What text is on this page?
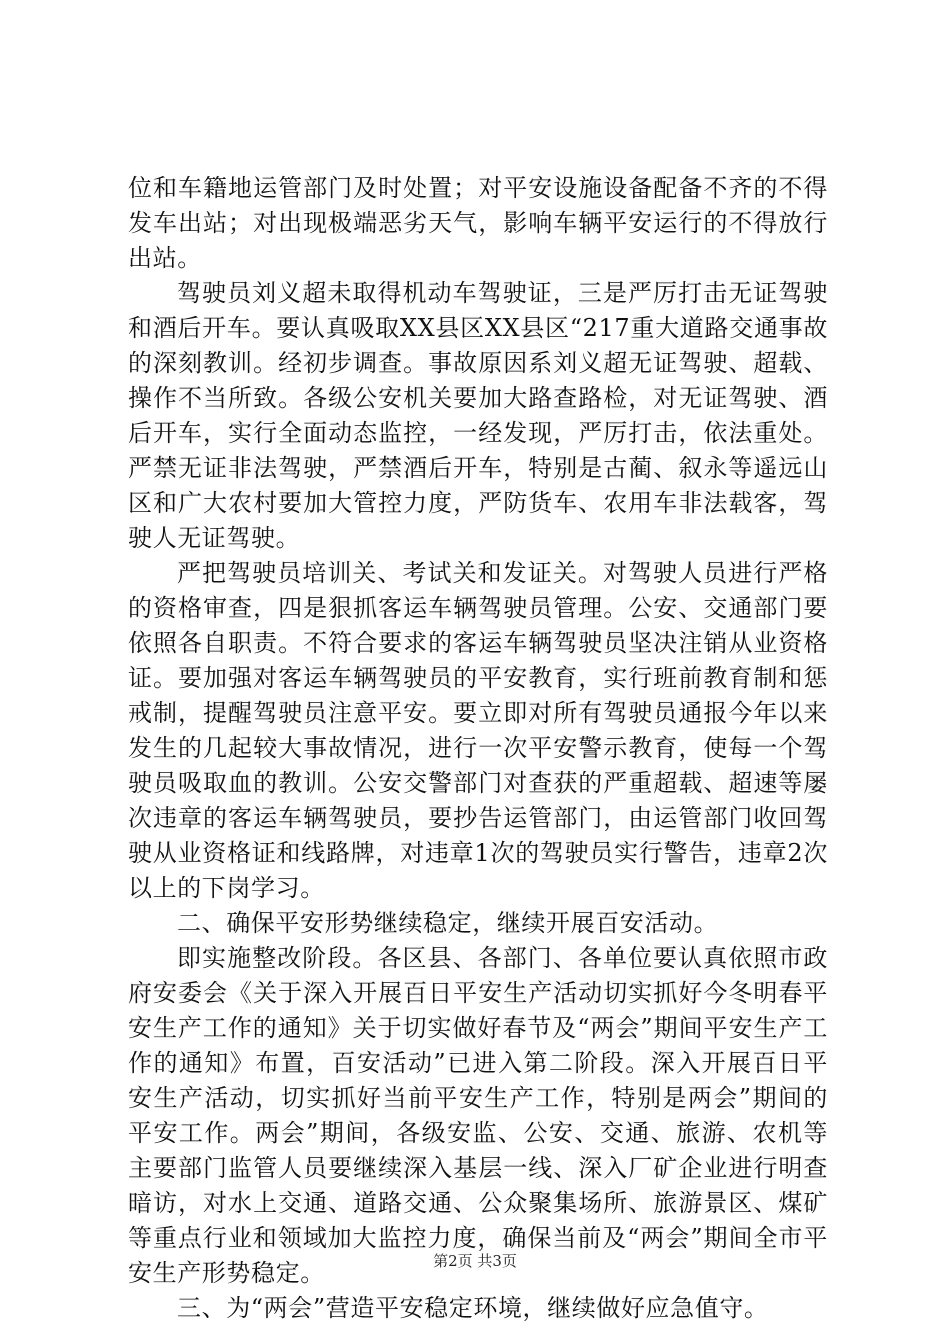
位和车籍地运管部门及时处置；对平安设施设备配备不齐的不得发车出站；对出现极端恶劣天气，影响车辆平安运行的不得放行出站。

驾驶员刘义超未取得机动车驾驶证，三是严厉打击无证驾驶和酒后开车。要认真吸取XX县区XX县区“217重大道路交通事故的深刻教训。经初步调查。事故原因系刘义超无证驾驶、超载、操作不当所致。各级公安机关要加大路查路检，对无证驾驶、酒后开车，实行全面动态监控，一经发现，严厉打击，依法重处。严禁无证非法驾驶，严禁酒后开车，特别是古蔺、叙永等遥远山区和广大农村要加大管控力度，严防货车、农用车非法载客，驾驶人无证驾驶。

严把驾驶员培训关、考试关和发证关。对驾驶人员进行严格的资格审查，四是狠抓客运车辆驾驶员管理。公安、交通部门要依照各自职责。不符合要求的客运车辆驾驶员坚决注销从业资格证。要加强对客运车辆驾驶员的平安教育，实行班前教育制和惩戒制，提醒驾驶员注意平安。要立即对所有驾驶员通报今年以来发生的几起较大事故情况，进行一次平安警示教育，使每一个驾驶员吸取血的教训。公安交警部门对查获的严重超载、超速等屡次违章的客运车辆驾驶员，要抄告运管部门，由运管部门收回驾驶从业资格证和线路牌，对违章1次的驾驶员实行警告，违章2次以上的下岗学习。

二、确保平安形势继续稳定，继续开展百安活动。

即实施整改阶段。各区县、各部门、各单位要认真依照市政府安委会《关于深入开展百日平安生产活动切实抓好今冬明春平安生产工作的通知》关于切实做好春节及“两会”期间平安生产工作的通知》布置，百安活动”已进入第二阶段。深入开展百日平安生产活动，切实抓好当前平安生产工作，特别是两会”期间的平安工作。两会”期间，各级安监、公安、交通、旅游、农机等主要部门监管人员要继续深入基层一线、深入厂矿企业进行明查暗访，对水上交通、道路交通、公众聚集场所、旅游景区、煤矿等重点行业和领域加大监控力度，确保当前及“两会”期间全市平安生产形势稳定。

三、为“两会”营造平安稳定环境，继续做好应急值守。

第2页 共3页
